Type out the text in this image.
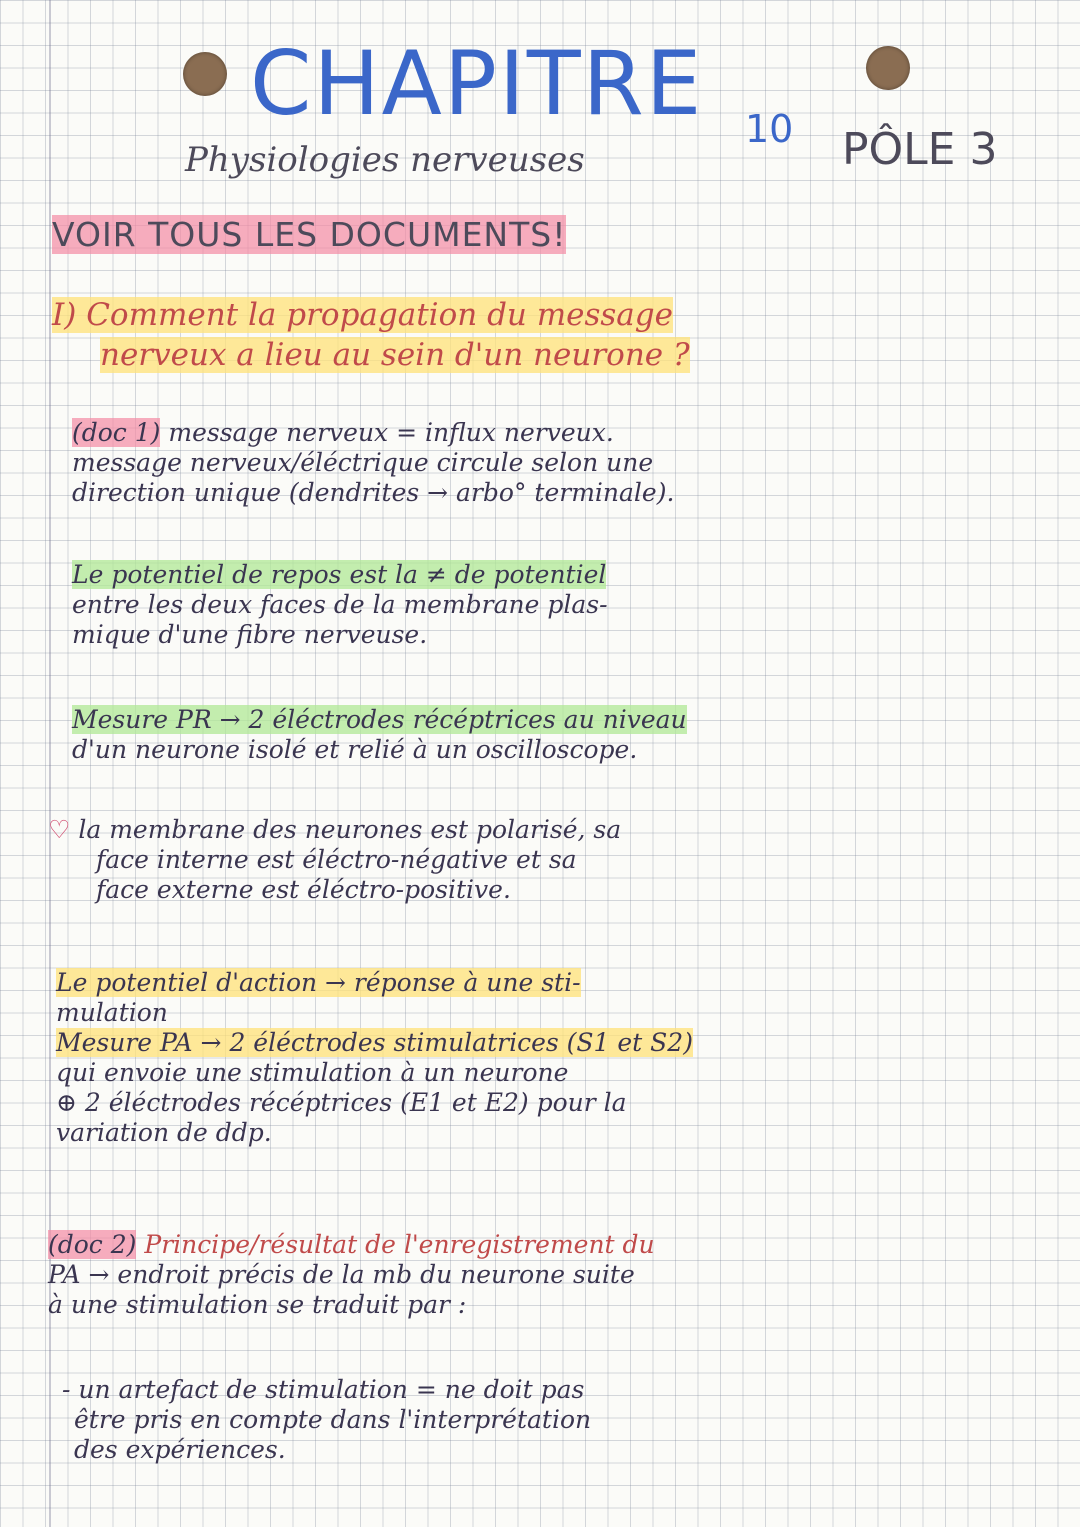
CHAPITRE 10 PÔLE 3
Physiologies nerveuses
VOIR TOUS LES DOCUMENTS!
I) Comment la propagation du message
nerveux a lieu au sein d'un neurone ?
(doc 1) message nerveux = influx nerveux.
message nerveux/éléctrique circule selon une
direction unique (dendrites → arbo° terminale).
Le potentiel de repos est la ≠ de potentiel
entre les deux faces de la membrane plas-
mique d'une fibre nerveuse.
Mesure PR → 2 éléctrodes récéptrices au niveau
d'un neurone isolé et relié à un oscilloscope.
♡ la membrane des neurones est polarisé, sa
face interne est éléctro-négative et sa
face externe est éléctro-positive.
Le potentiel d'action → réponse à une sti-
mulation
Mesure PA → 2 éléctrodes stimulatrices (S1 et S2)
qui envoie une stimulation à un neurone
⊕ 2 éléctrodes récéptrices (E1 et E2) pour la
variation de ddp.
(doc 2) Principe/résultat de l'enregistrement du
PA → endroit précis de la mb du neurone suite
à une stimulation se traduit par :
- un artefact de stimulation = ne doit pas
être pris en compte dans l'interprétation
des expériences.
